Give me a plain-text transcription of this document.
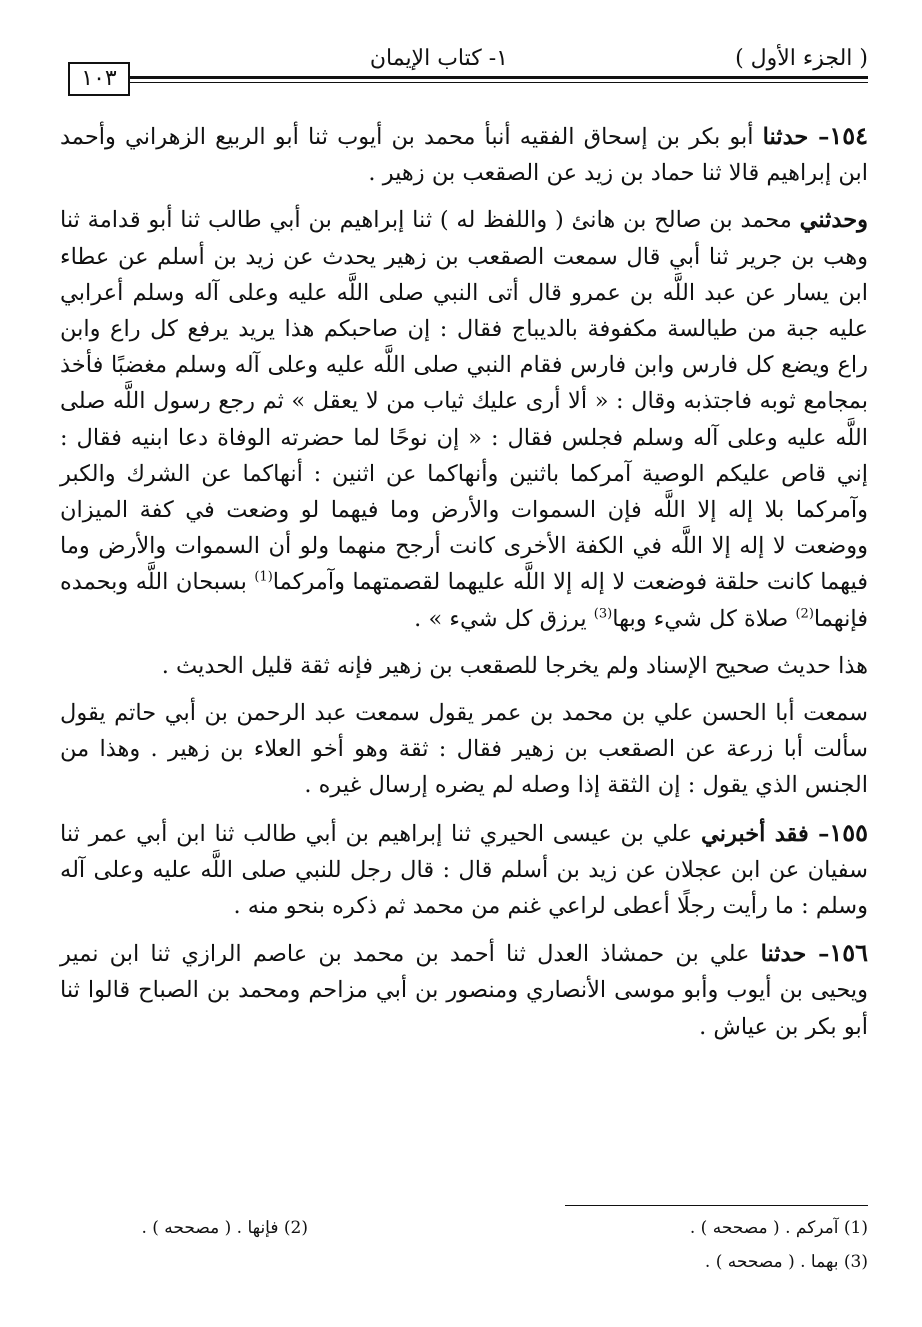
( الجزء الأول )
١- كتاب الإيمان
١٠٣

١٥٤– حدثنا أبو بكر بن إسحاق الفقيه أنبأ محمد بن أيوب ثنا أبو الربيع الزهراني وأحمد ابن إبراهيم قالا ثنا حماد بن زيد عن الصقعب بن زهير .

وحدثني محمد بن صالح بن هانئ ( واللفظ له ) ثنا إبراهيم بن أبي طالب ثنا أبو قدامة ثنا وهب بن جرير ثنا أبي قال سمعت الصقعب بن زهير يحدث عن زيد بن أسلم عن عطاء ابن يسار عن عبد اللَّه بن عمرو قال أتى النبي صلى اللَّه عليه وعلى آله وسلم أعرابي عليه جبة من طيالسة مكفوفة بالديباج فقال : إن صاحبكم هذا يريد يرفع كل راع وابن راع ويضع كل فارس وابن فارس فقام النبي صلى اللَّه عليه وعلى آله وسلم مغضبًا فأخذ بمجامع ثوبه فاجتذبه وقال : « ألا أرى عليك ثياب من لا يعقل » ثم رجع رسول اللَّه صلى اللَّه عليه وعلى آله وسلم فجلس فقال : « إن نوحًا لما حضرته الوفاة دعا ابنيه فقال : إني قاص عليكم الوصية آمركما باثنين وأنهاكما عن اثنين : أنهاكما عن الشرك والكبر وآمركما بلا إله إلا اللَّه فإن السموات والأرض وما فيهما لو وضعت في كفة الميزان ووضعت لا إله إلا اللَّه في الكفة الأخرى كانت أرجح منهما ولو أن السموات والأرض وما فيهما كانت حلقة فوضعت لا إله إلا اللَّه عليهما لقصمتهما وآمركما$^{(1)}$ بسبحان اللَّه وبحمده فإنهما$^{(2)}$ صلاة كل شيء وبها$^{(3)}$ يرزق كل شيء » .

هذا حديث صحيح الإسناد ولم يخرجا للصقعب بن زهير فإنه ثقة قليل الحديث .

سمعت أبا الحسن علي بن محمد بن عمر يقول سمعت عبد الرحمن بن أبي حاتم يقول سألت أبا زرعة عن الصقعب بن زهير فقال : ثقة وهو أخو العلاء بن زهير . وهذا من الجنس الذي يقول : إن الثقة إذا وصله لم يضره إرسال غيره .

١٥٥– فقد أخبرني علي بن عيسى الحيري ثنا إبراهيم بن أبي طالب ثنا ابن أبي عمر ثنا سفيان عن ابن عجلان عن زيد بن أسلم قال : قال رجل للنبي صلى اللَّه عليه وعلى آله وسلم : ما رأيت رجلًا أعطى لراعي غنم من محمد ثم ذكره بنحو منه .

١٥٦– حدثنا علي بن حمشاذ العدل ثنا أحمد بن محمد بن عاصم الرازي ثنا ابن نمير ويحيى بن أيوب وأبو موسى الأنصاري ومنصور بن أبي مزاحم ومحمد بن الصباح قالوا ثنا أبو بكر بن عياش .

(1) آمركم . ( مصححه ) .
(2) فإنها . ( مصححه ) .
(3) بهما . ( مصححه ) .
